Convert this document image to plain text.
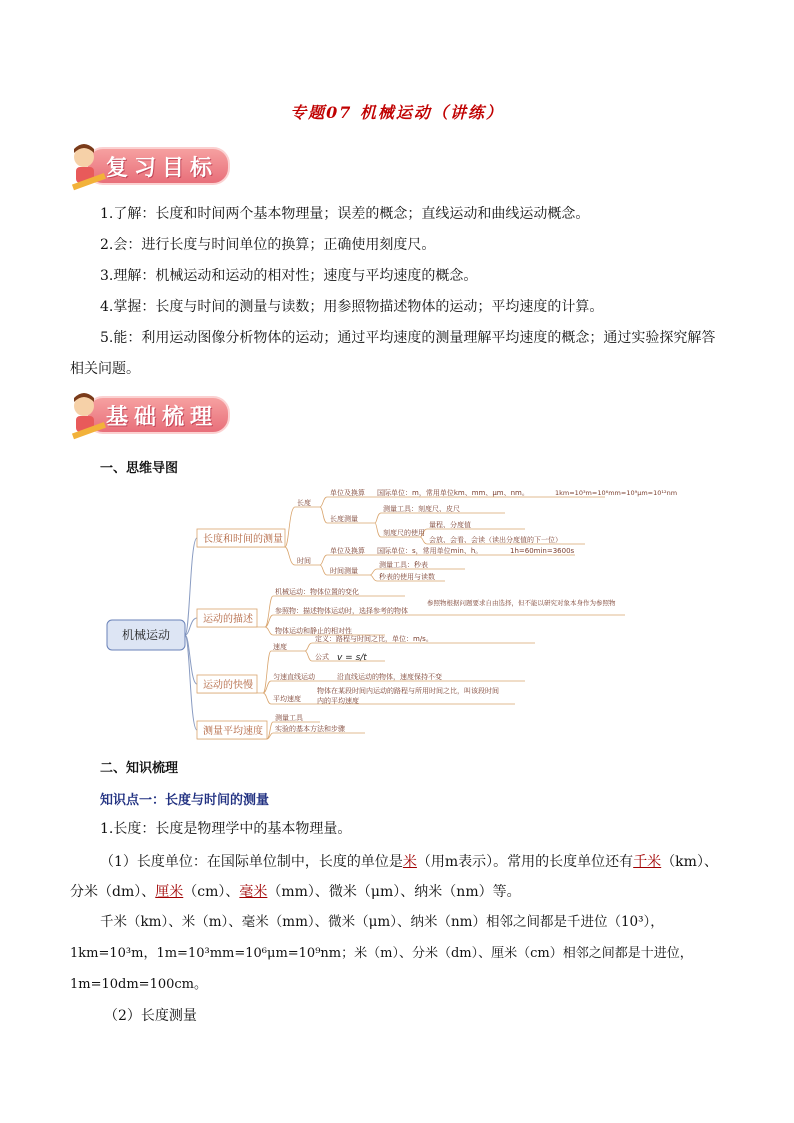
专题07 机械运动（讲练）
复习目标
1.了解：长度和时间两个基本物理量；误差的概念；直线运动和曲线运动概念。
2.会：进行长度与时间单位的换算；正确使用刻度尺。
3.理解：机械运动和运动的相对性；速度与平均速度的概念。
4.掌握：长度与时间的测量与读数；用参照物描述物体的运动；平均速度的计算。
5.能：利用运动图像分析物体的运动；通过平均速度的测量理解平均速度的概念；通过实验探究解答
相关问题。
基础梳理
一、思维导图
机械运动
长度和时间的测量
运动的描述
运动的快慢
测量平均速度
长度
单位及换算 国际单位：m，常用单位km、mm、μm、nm。	1km=10³m=10⁶mm=10⁹μm=10¹²nm
长度测量
测量工具：刻度尺、皮尺
刻度尺的使用
量程、分度值
会放、会看、会读（读出分度值的下一位）
时间
单位及换算 国际单位：s，常用单位min、h。	1h=60min=3600s
时间测量
测量工具：秒表
秒表的使用与读数
机械运动：物体位置的变化
参照物：描述物体运动时，选择参考的物体
参照物根据问题要求自由选择，但不能以研究对象本身作为参照物
物体运动和静止的相对性
速度
定义：路程与时间之比，单位：m/s。
公式 v = s/t
匀速直线运动	沿直线运动的物体，速度保持不变
平均速度
物体在某段时间内运动的路程与所用时间之比，叫该段时间
内的平均速度
测量工具
实验的基本方法和步骤
二、知识梳理
知识点一：长度与时间的测量
1.长度：长度是物理学中的基本物理量。
（1）长度单位：在国际单位制中，长度的单位是米（用m表示）。常用的长度单位还有千米（km）、
分米（dm）、厘米（cm）、毫米（mm）、微米（μm）、纳米（nm）等。
千米（km）、米（m）、毫米（mm）、微米（μm）、纳米（nm）相邻之间都是千进位（10³），
1km=10³m，1m=10³mm=10⁶μm=10⁹nm；米（m）、分米（dm）、厘米（cm）相邻之间都是十进位，
1m=10dm=100cm。
（2）长度测量
